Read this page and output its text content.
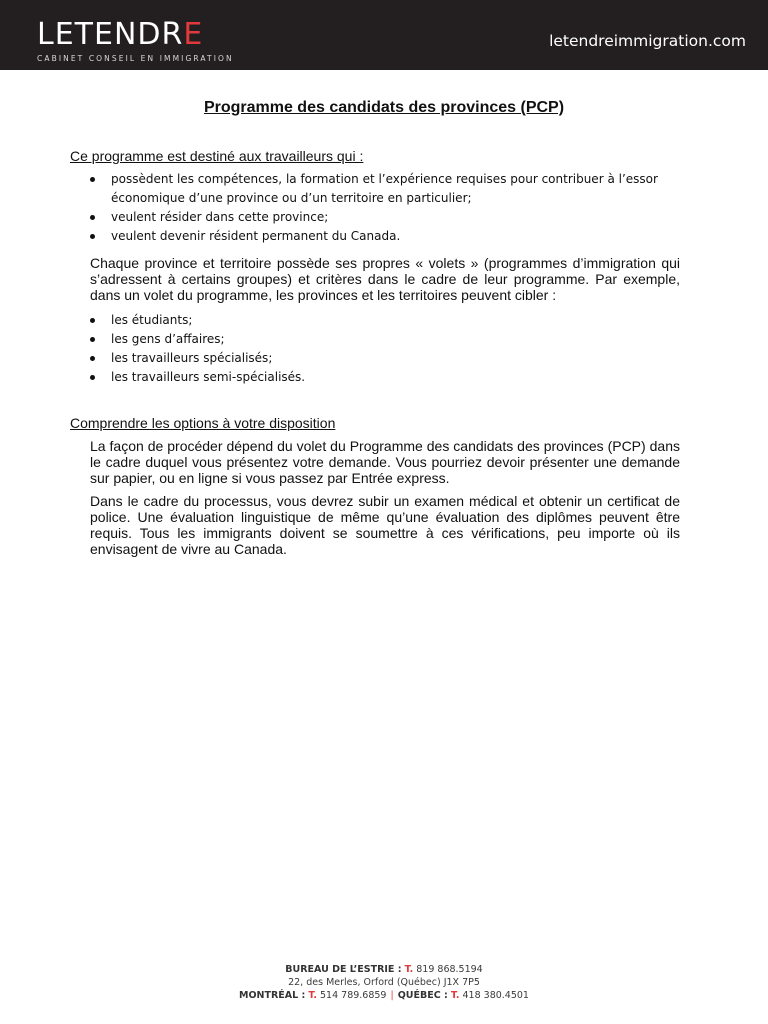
LETENDRE
CABINET CONSEIL EN IMMIGRATION
letendreimmigration.com
Programme des candidats des provinces (PCP)
Ce programme est destiné aux travailleurs qui :
possèdent les compétences, la formation et l’expérience requises pour contribuer à l’essor économique d’une province ou d’un territoire en particulier;
veulent résider dans cette province;
veulent devenir résident permanent du Canada.

Chaque province et territoire possède ses propres « volets » (programmes d’immigration qui s’adressent à certains groupes) et critères dans le cadre de leur programme. Par exemple, dans un volet du programme, les provinces et les territoires peuvent cibler :

les étudiants;
les gens d’affaires;
les travailleurs spécialisés;
les travailleurs semi-spécialisés.
Comprendre les options à votre disposition

La façon de procéder dépend du volet du Programme des candidats des provinces (PCP) dans le cadre duquel vous présentez votre demande. Vous pourriez devoir présenter une demande sur papier, ou en ligne si vous passez par Entrée express.

Dans le cadre du processus, vous devrez subir un examen médical et obtenir un certificat de police. Une évaluation linguistique de même qu’une évaluation des diplômes peuvent être requis. Tous les immigrants doivent se soumettre à ces vérifications, peu importe où ils envisagent de vivre au Canada.

BUREAU DE L’ESTRIE : T. 819 868.5194
22, des Merles, Orford (Québec) J1X 7P5
MONTRÉAL : T. 514 789.6859 | QUÉBEC : T. 418 380.4501
